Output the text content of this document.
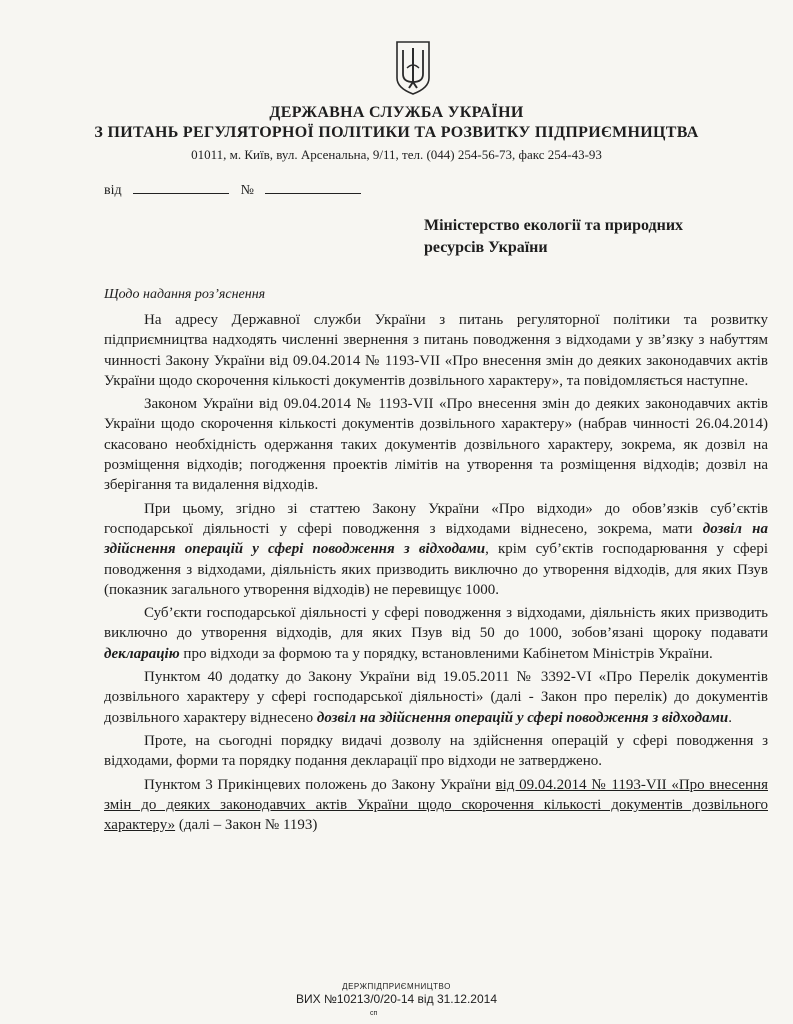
ДЕРЖАВНА СЛУЖБА УКРАЇНИ
З ПИТАНЬ РЕГУЛЯТОРНОЇ ПОЛІТИКИ ТА РОЗВИТКУ ПІДПРИЄМНИЦТВА
01011, м. Київ, вул. Арсенальна, 9/11, тел. (044) 254-56-73, факс 254-43-93
від	№
Міністерство екології та природних
ресурсів України
Щодо надання роз’яснення

На адресу Державної служби України з питань регуляторної політики та розвитку підприємництва надходять численні звернення з питань поводження з відходами у зв’язку з набуттям чинності Закону України від 09.04.2014 № 1193-VII «Про внесення змін до деяких законодавчих актів України щодо скорочення кількості документів дозвільного характеру», та повідомляється наступне.

Законом України від 09.04.2014 № 1193-VII «Про внесення змін до деяких законодавчих актів України щодо скорочення кількості документів дозвільного характеру» (набрав чинності 26.04.2014) скасовано необхідність одержання таких документів дозвільного характеру, зокрема, як дозвіл на розміщення відходів; погодження проектів лімітів на утворення та розміщення відходів; дозвіл на зберігання та видалення відходів.

При цьому, згідно зі статтею Закону України «Про відходи» до обов’язків суб’єктів господарської діяльності у сфері поводження з відходами віднесено, зокрема, мати дозвіл на здійснення операцій у сфері поводження з відходами, крім суб’єктів господарювання у сфері поводження з відходами, діяльність яких призводить виключно до утворення відходів, для яких Пзув (показник загального утворення відходів) не перевищує 1000.

Суб’єкти господарської діяльності у сфері поводження з відходами, діяльність яких призводить виключно до утворення відходів, для яких Пзув від 50 до 1000, зобов’язані щороку подавати декларацію про відходи за формою та у порядку, встановленими Кабінетом Міністрів України.

Пунктом 40 додатку до Закону України від 19.05.2011 № 3392-VI «Про Перелік документів дозвільного характеру у сфері господарської діяльності» (далі - Закон про перелік) до документів дозвільного характеру віднесено дозвіл на здійснення операцій у сфері поводження з відходами.

Проте, на сьогодні порядку видачі дозволу на здійснення операцій у сфері поводження з відходами, форми та порядку подання декларації про відходи не затверджено.

Пунктом 3 Прикінцевих положень до Закону України від 09.04.2014 № 1193-VII «Про внесення змін до деяких законодавчих актів України щодо скорочення кількості документів дозвільного характеру» (далі – Закон № 1193)

ДЕРЖПІДПРИЄМНИЦТВО
ВИХ №10213/0/20-14 від 31.12.2014
сп
